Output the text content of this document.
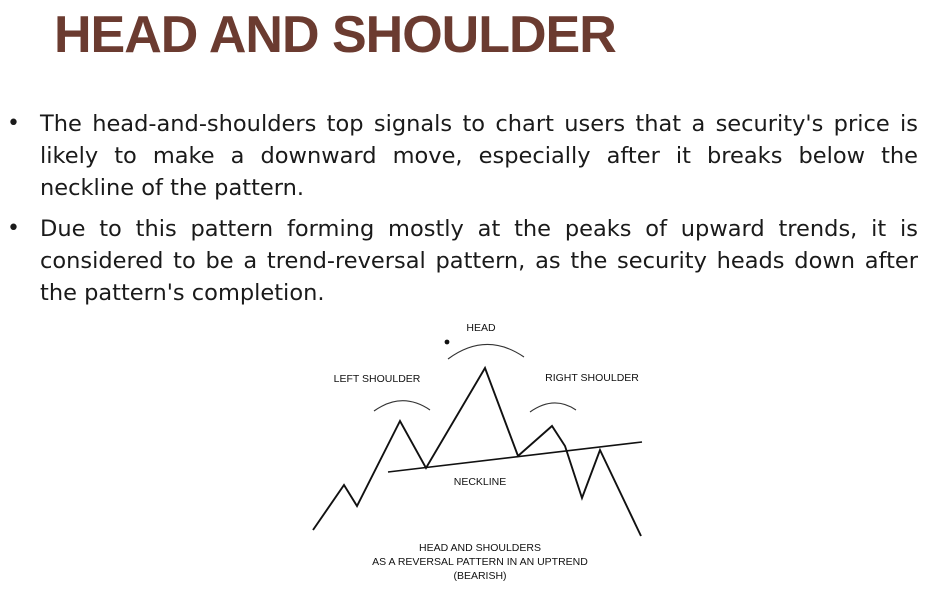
HEAD AND SHOULDER
• The head-and-shoulders top signals to chart users that a security's price is likely to make a downward move, especially after it breaks below the neckline of the pattern.
• Due to this pattern forming mostly at the peaks of upward trends, it is considered to be a trend-reversal pattern, as the security heads down after the pattern's completion.
HEAD
LEFT SHOULDER	RIGHT SHOULDER
NECKLINE
HEAD AND SHOULDERS
AS A REVERSAL PATTERN IN AN UPTREND
(BEARISH)
